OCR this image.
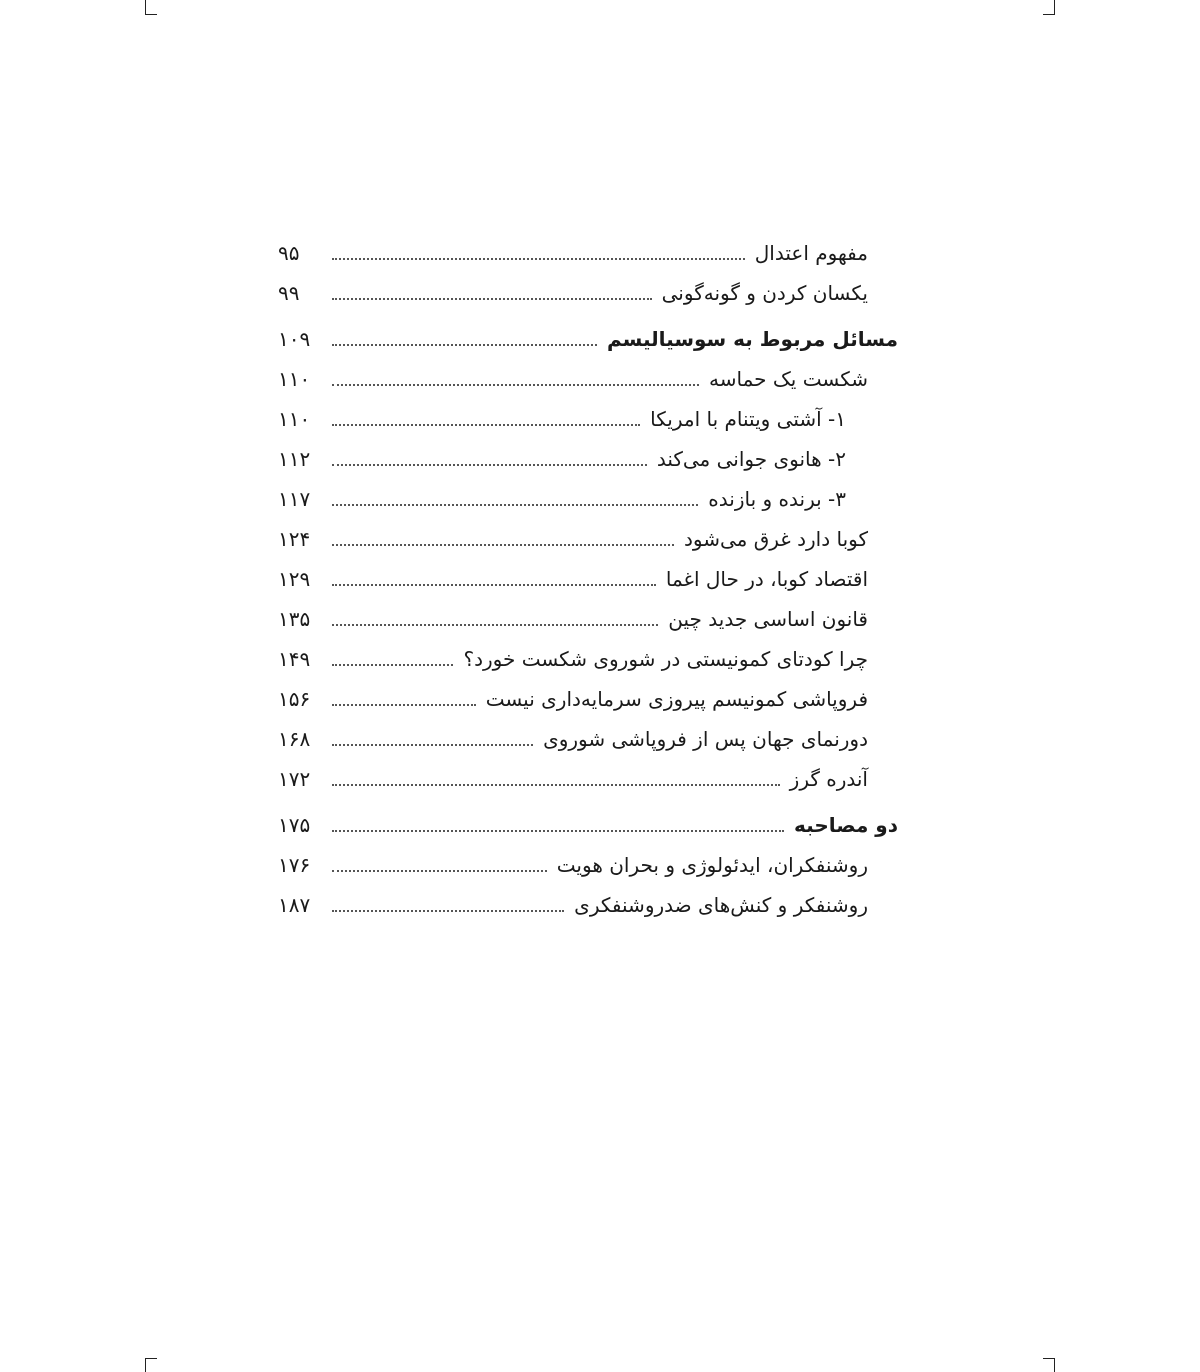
مفهوم اعتدال
۹۵
یکسان کردن و گونه‌گونی
۹۹
مسائل مربوط به سوسیالیسم
۱۰۹
شکست یک حماسه
۱۱۰
۱- آشتی ویتنام با امریکا
۱۱۰
۲- هانوی جوانی می‌کند
۱۱۲
۳- برنده و بازنده
۱۱۷
کوبا دارد غرق می‌شود
۱۲۴
اقتصاد کوبا، در حال اغما
۱۲۹
قانون اساسی جدید چین
۱۳۵
چرا کودتای کمونیستی در شوروی شکست خورد؟
۱۴۹
فروپاشی کمونیسم پیروزی سرمایه‌داری نیست
۱۵۶
دورنمای جهان پس از فروپاشی شوروی
۱۶۸
آندره گرز
۱۷۲
دو مصاحبه
۱۷۵
روشنفکران، ایدئولوژی و بحران هویت
۱۷۶
روشنفکر و کنش‌های ضدروشنفکری
۱۸۷
